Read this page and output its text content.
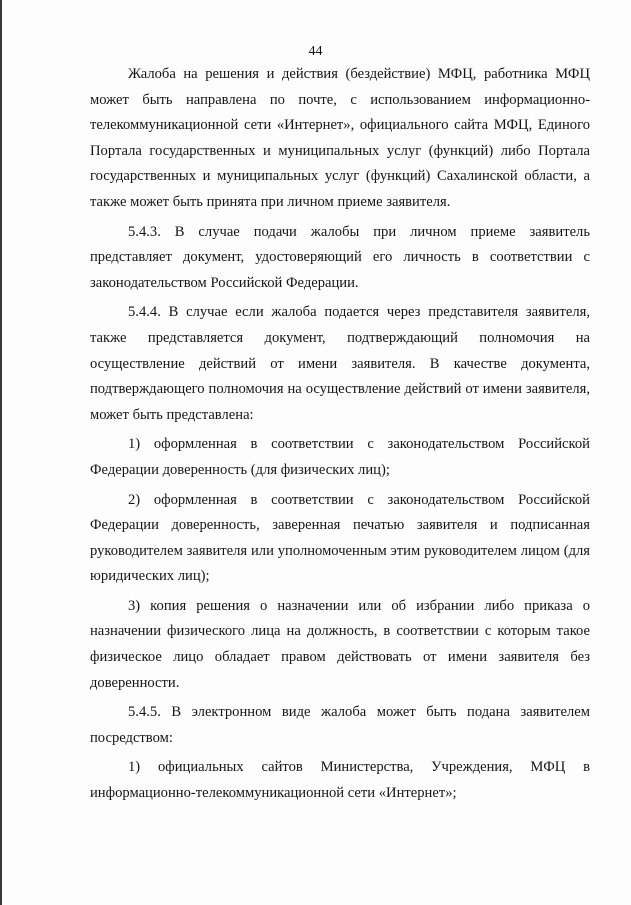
44

Жалоба на решения и действия (бездействие) МФЦ, работника МФЦ может быть направлена по почте, с использованием информационно-телекоммуникационной сети «Интернет», официального сайта МФЦ, Единого Портала государственных и муниципальных услуг (функций) либо Портала государственных и муниципальных услуг (функций) Сахалинской области, а также может быть принята при личном приеме заявителя.

5.4.3. В случае подачи жалобы при личном приеме заявитель представляет документ, удостоверяющий его личность в соответствии с законодательством Российской Федерации.

5.4.4. В случае если жалоба подается через представителя заявителя, также представляется документ, подтверждающий полномочия на осуществление действий от имени заявителя. В качестве документа, подтверждающего полномочия на осуществление действий от имени заявителя, может быть представлена:

1) оформленная в соответствии с законодательством Российской Федерации доверенность (для физических лиц);

2) оформленная в соответствии с законодательством Российской Федерации доверенность, заверенная печатью заявителя и подписанная руководителем заявителя или уполномоченным этим руководителем лицом (для юридических лиц);

3) копия решения о назначении или об избрании либо приказа о назначении физического лица на должность, в соответствии с которым такое физическое лицо обладает правом действовать от имени заявителя без доверенности.

5.4.5. В электронном виде жалоба может быть подана заявителем посредством:

1) официальных сайтов Министерства, Учреждения, МФЦ в информационно-телекоммуникационной сети «Интернет»;
